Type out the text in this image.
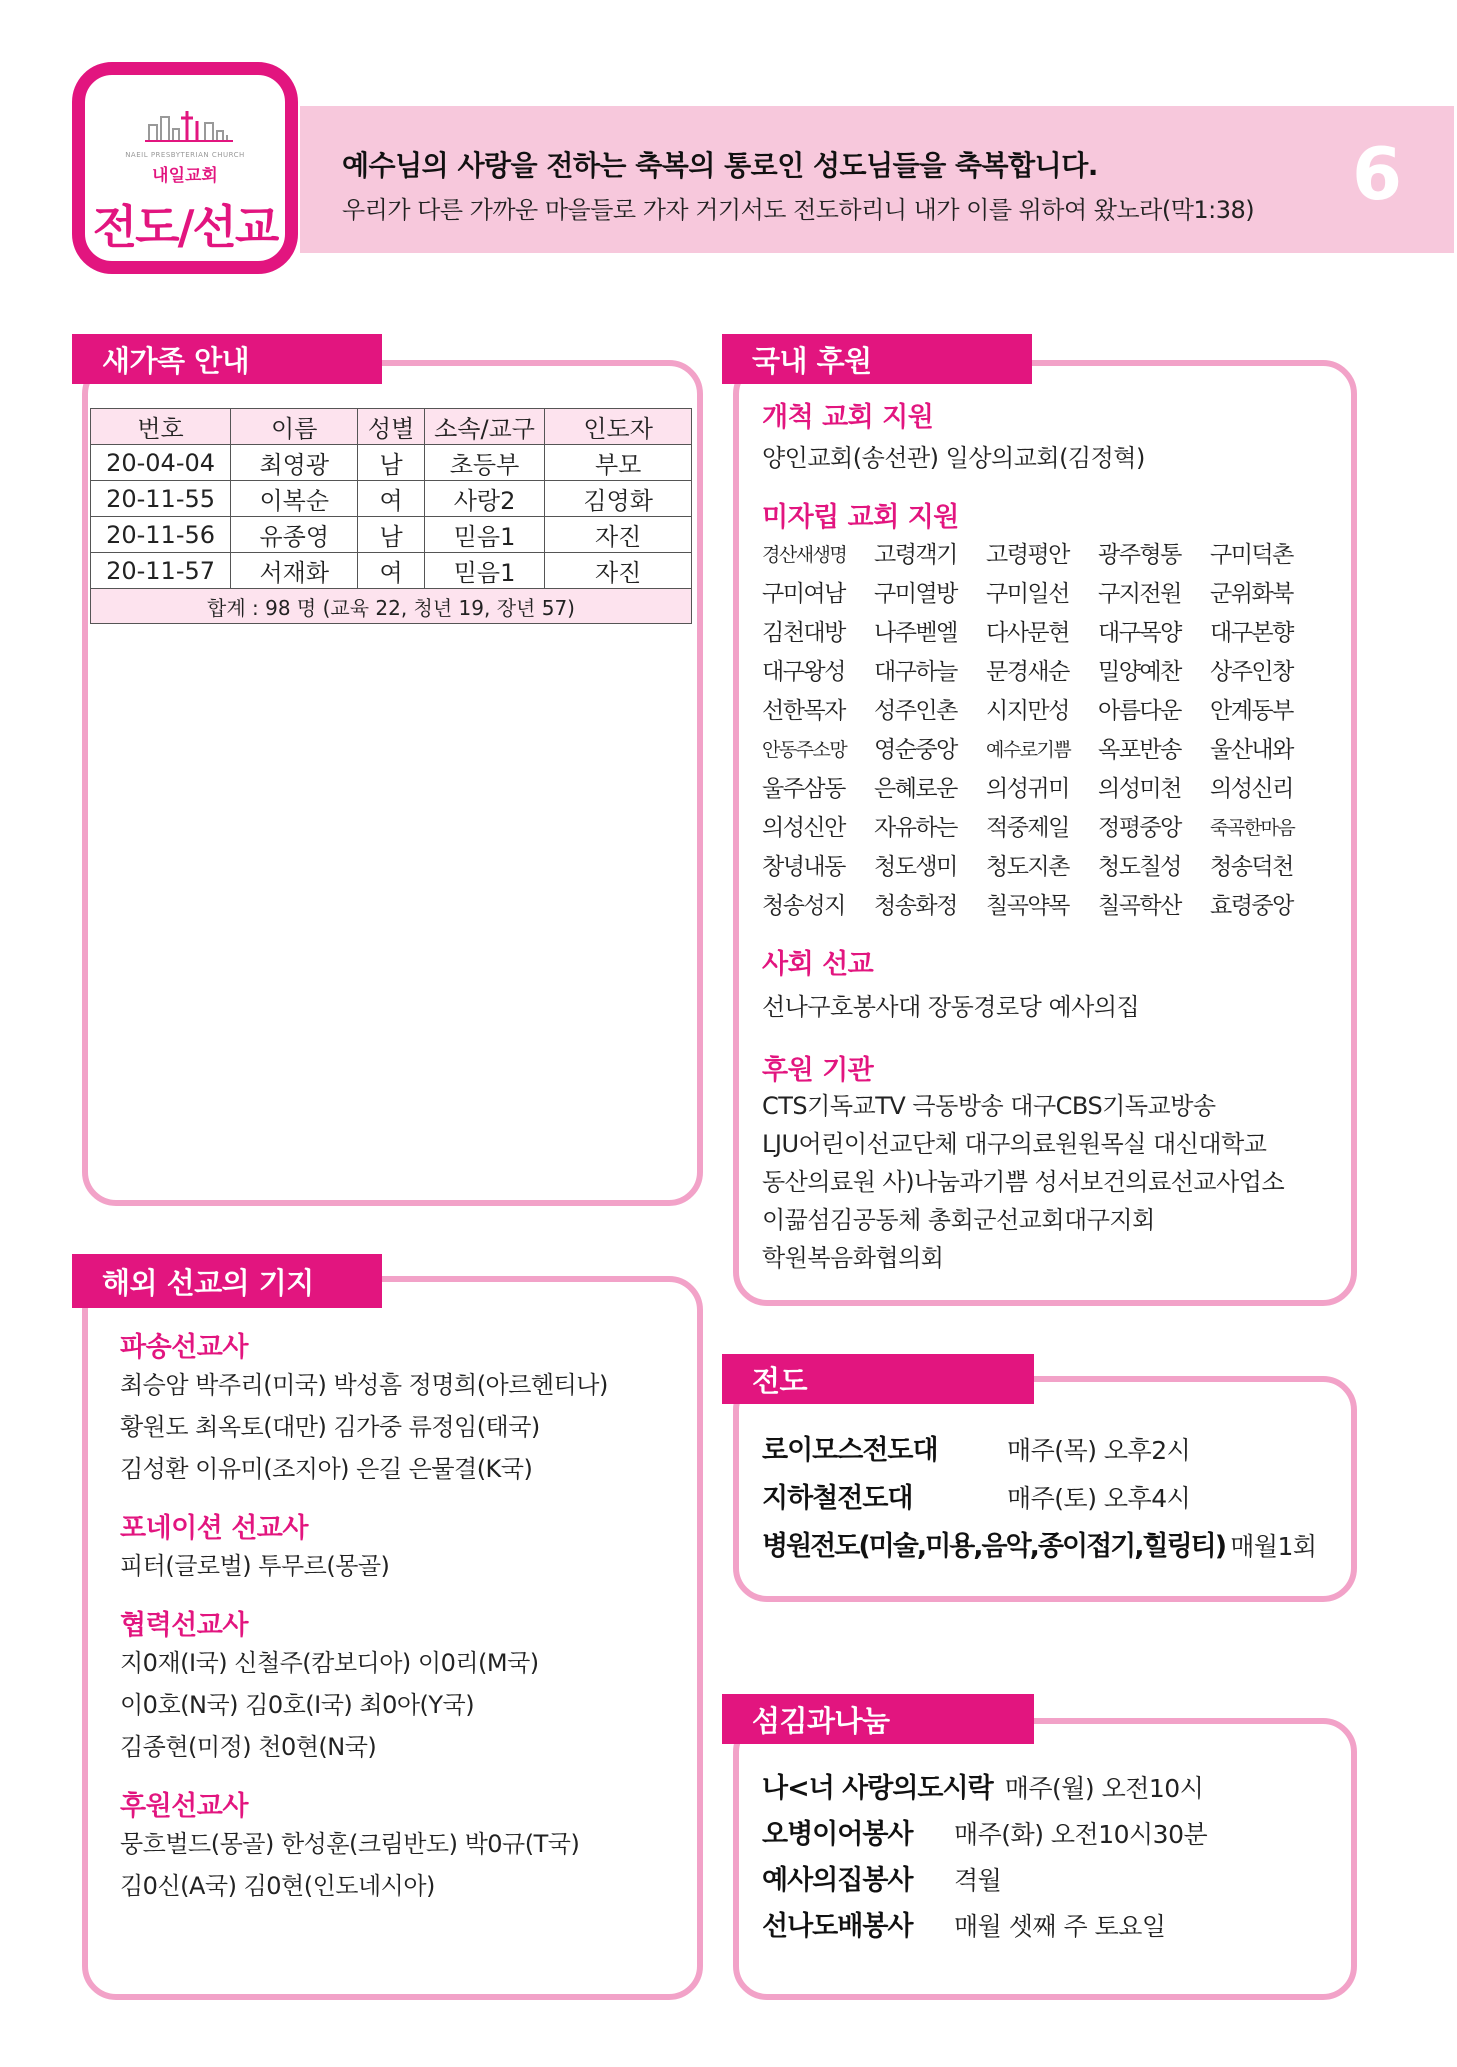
NAEIL PRESBYTERIAN CHURCH
내일교회
전도/선교
예수님의 사랑을 전하는 축복의 통로인 성도님들을 축복합니다.
우리가 다른 가까운 마을들로 가자 거기서도 전도하리니 내가 이를 위하여 왔노라(막1:38) 6
새가족 안내
번호	이름	성별	소속/교구	인도자
20-04-04	최영광	남	초등부	부모
20-11-55	이복순	여	사랑2	김영화
20-11-56	유종영	남	믿음1	자진
20-11-57	서재화	여	믿음1	자진
합계 : 98 명 (교육 22, 청년 19, 장년 57)				
국내 후원
개척 교회 지원
양인교회(송선관) 일상의교회(김정혁)
미자립 교회 지원
경산새생명	고령객기	고령평안	광주형통	구미덕촌
구미여남	구미열방	구미일선	구지전원	군위화북
김천대방	나주벧엘	다사문현	대구목양	대구본향
대구왕성	대구하늘	문경새순	밀양예찬	상주인창
선한목자	성주인촌	시지만성	아름다운	안계동부
안동주소망	영순중앙	예수로기쁨	옥포반송	울산내와
울주삼동	은혜로운	의성귀미	의성미천	의성신리
의성신안	자유하는	적중제일	정평중앙	죽곡한마음
창녕내동	청도생미	청도지촌	청도칠성	청송덕천
청송성지	청송화정	칠곡약목	칠곡학산	효령중앙
사회 선교
선나구호봉사대 장동경로당 예사의집
후원 기관
CTS기독교TV 극동방송 대구CBS기독교방송
LJU어린이선교단체 대구의료원원목실 대신대학교
동산의료원 사)나눔과기쁨 성서보건의료선교사업소
이끎섬김공동체 총회군선교회대구지회
학원복음화협의회
해외 선교의 기지
파송선교사
최승암 박주리(미국) 박성흠 정명희(아르헨티나)
황원도 최옥토(대만) 김가중 류정임(태국)
김성환 이유미(조지아) 은길 은물결(K국)
포네이션 선교사
피터(글로벌) 투무르(몽골)
협력선교사
지0재(I국) 신철주(캄보디아) 이0리(M국)
이0호(N국) 김0호(I국) 최0아(Y국)
김종현(미정) 천0현(N국)
후원선교사
뭉흐벌드(몽골) 한성훈(크림반도) 박0규(T국)
김0신(A국) 김0현(인도네시아)
전도
로이모스전도대	매주(목) 오후2시
지하철전도대	매주(토) 오후4시
병원전도(미술,미용,음악,종이접기,힐링티) 매월1회
섬김과나눔
나<너 사랑의도시락 매주(월) 오전10시
오병이어봉사 매주(화) 오전10시30분
예사의집봉사 격월
선나도배봉사 매월 셋째 주 토요일
